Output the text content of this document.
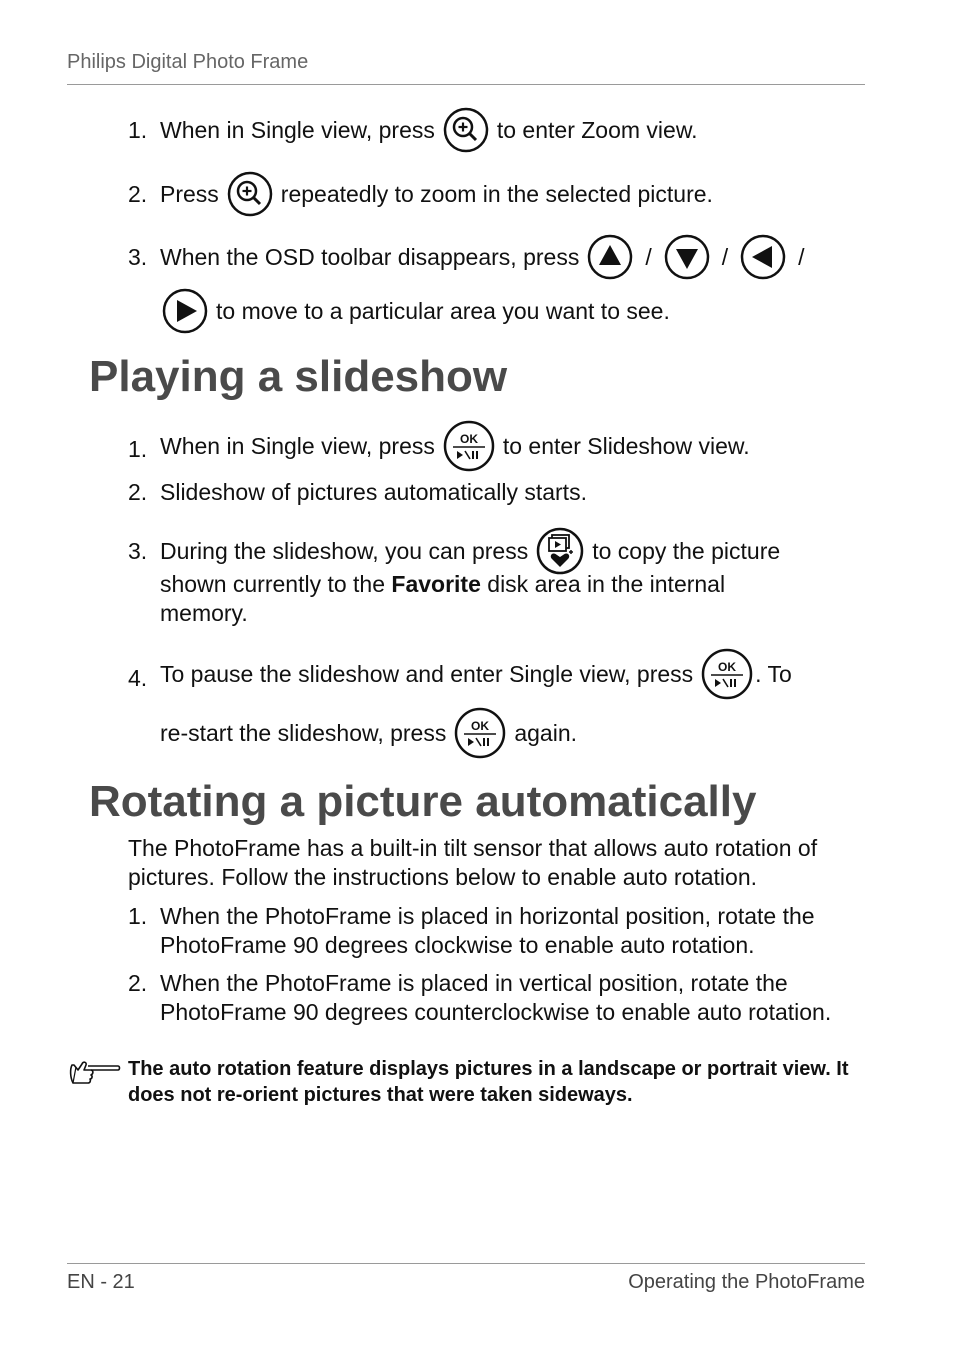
Philips Digital Photo Frame
1. When in Single view, press	to enter Zoom view.
2. Press	repeatedly to zoom in the selected picture.
3. When the OSD toolbar disappears, press	/	/	/
to move to a particular area you want to see.
Playing a slideshow
1. When in Single view, press OK to enter Slideshow view.
2. Slideshow of pictures automatically starts.
3. During the slideshow, you can press	to copy the picture
shown currently to the Favorite disk area in the internal
memory.
4. To pause the slideshow and enter Single view, press OK . To
re-start the slideshow, press OK again.
Rotating a picture automatically
The PhotoFrame has a built-in tilt sensor that allows auto rotation of pictures. Follow the instructions below to enable auto rotation.
1. When the PhotoFrame is placed in horizontal position, rotate the PhotoFrame 90 degrees clockwise to enable auto rotation.
2. When the PhotoFrame is placed in vertical position, rotate the PhotoFrame 90 degrees counterclockwise to enable auto rotation.
The auto rotation feature displays pictures in a landscape or portrait view. It does not re-orient pictures that were taken sideways.
EN - 21	Operating the PhotoFrame
